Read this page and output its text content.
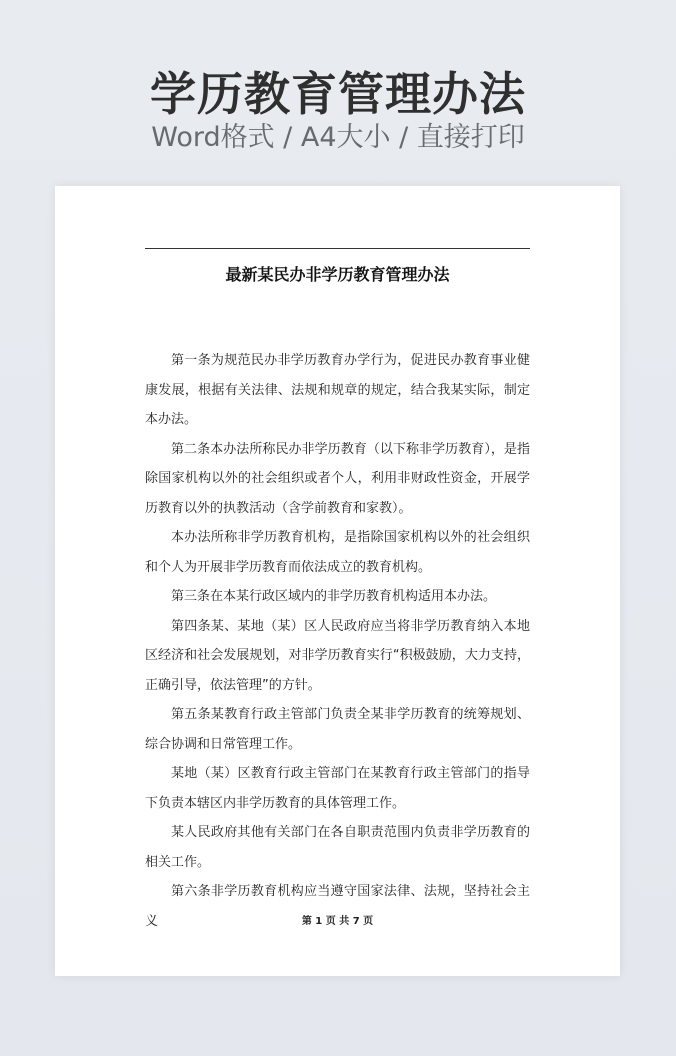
学历教育管理办法
Word格式 / A4大小 / 直接打印
最新某民办非学历教育管理办法

第一条为规范民办非学历教育办学行为，促进民办教育事业健康发展，根据有关法律、法规和规章的规定，结合我某实际，制定本办法。

第二条本办法所称民办非学历教育（以下称非学历教育），是指除国家机构以外的社会组织或者个人，利用非财政性资金，开展学历教育以外的执教活动（含学前教育和家教）。

本办法所称非学历教育机构，是指除国家机构以外的社会组织和个人为开展非学历教育而依法成立的教育机构。

第三条在本某行政区域内的非学历教育机构适用本办法。

第四条某、某地（某）区人民政府应当将非学历教育纳入本地区经济和社会发展规划，对非学历教育实行“积极鼓励，大力支持，正确引导，依法管理”的方针。

第五条某教育行政主管部门负责全某非学历教育的统筹规划、综合协调和日常管理工作。

某地（某）区教育行政主管部门在某教育行政主管部门的指导下负责本辖区内非学历教育的具体管理工作。

某人民政府其他有关部门在各自职责范围内负责非学历教育的相关工作。

第六条非学历教育机构应当遵守国家法律、法规，坚持社会主义	第 1 页 共 7 页
